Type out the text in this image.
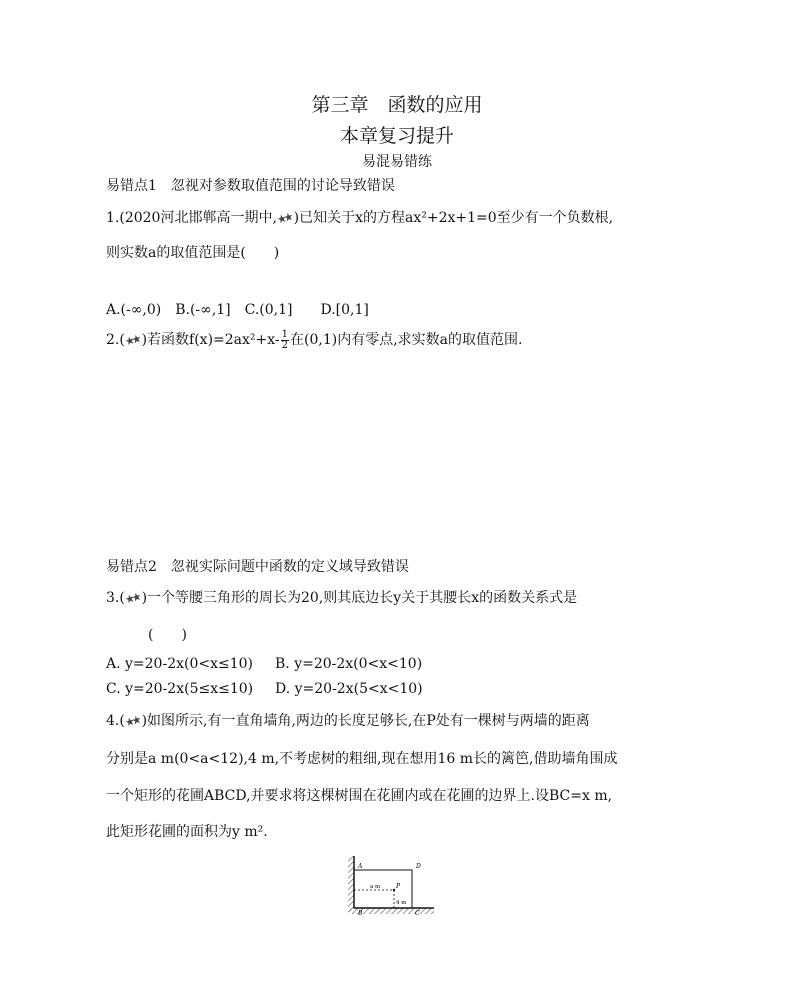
第三章　函数的应用
本章复习提升
易混易错练
易错点1　忽视对参数取值范围的讨论导致错误
1.(2020河北邯郸高一期中,★★ )已知关于x的方程ax²+2x+1=0至少有一个负数根,
则实数a的取值范围是(　　)
A.(-∞,0)　B.(-∞,1]　C.(0,1]　　D.[0,1]
2.(★★ )若函数$f(x)=2ax^2+x- \frac{1}{2}$ 在(0,1)内有零点,求实数a的取值范围.
易错点2　忽视实际问题中函数的定义域导致错误
3.(★★ )一个等腰三角形的周长为20,则其底边长y关于其腰长x的函数关系式是
(　　)
A. y=20-2x(0<x≤10) B. y=20-2x(0<x<10)
C. y=20-2x(5≤x≤10) D. y=20-2x(5<x<10)
4.(★★ )如图所示,有一直角墙角,两边的长度足够长,在P处有一棵树与两墙的距离
分别是a m(0<a<12),4 m,不考虑树的粗细,现在想用16 m长的篱笆,借助墙角围成
一个矩形的花圃ABCD,并要求将这棵树围在花圃内或在花圃的边界上.设BC=x m,
此矩形花圃的面积为y m².
A	D
B	C
P
a m
4 m
